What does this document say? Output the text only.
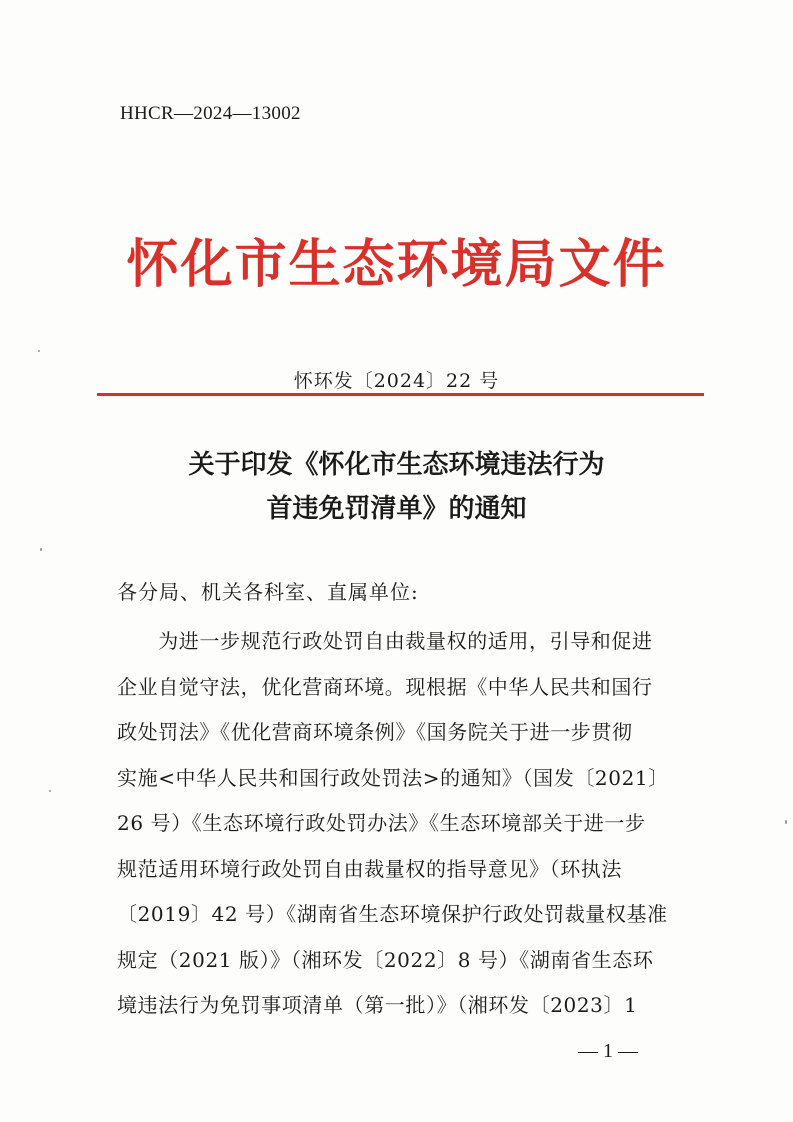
HHCR—2024—13002
怀化市生态环境局文件
怀环发〔2024〕22 号
关于印发《怀化市生态环境违法行为
首违免罚清单》的通知
各分局、机关各科室、直属单位:
　　为进一步规范行政处罚自由裁量权的适用，引导和促进
企业自觉守法，优化营商环境。现根据《中华人民共和国行
政处罚法》《优化营商环境条例》《国务院关于进一步贯彻
实施<中华人民共和国行政处罚法>的通知》（国发〔2021〕
26 号）《生态环境行政处罚办法》《生态环境部关于进一步
规范适用环境行政处罚自由裁量权的指导意见》（环执法
〔2019〕42 号）《湖南省生态环境保护行政处罚裁量权基准
规定（2021 版）》（湘环发〔2022〕8 号）《湖南省生态环
境违法行为免罚事项清单（第一批）》（湘环发〔2023〕1
— 1 —
